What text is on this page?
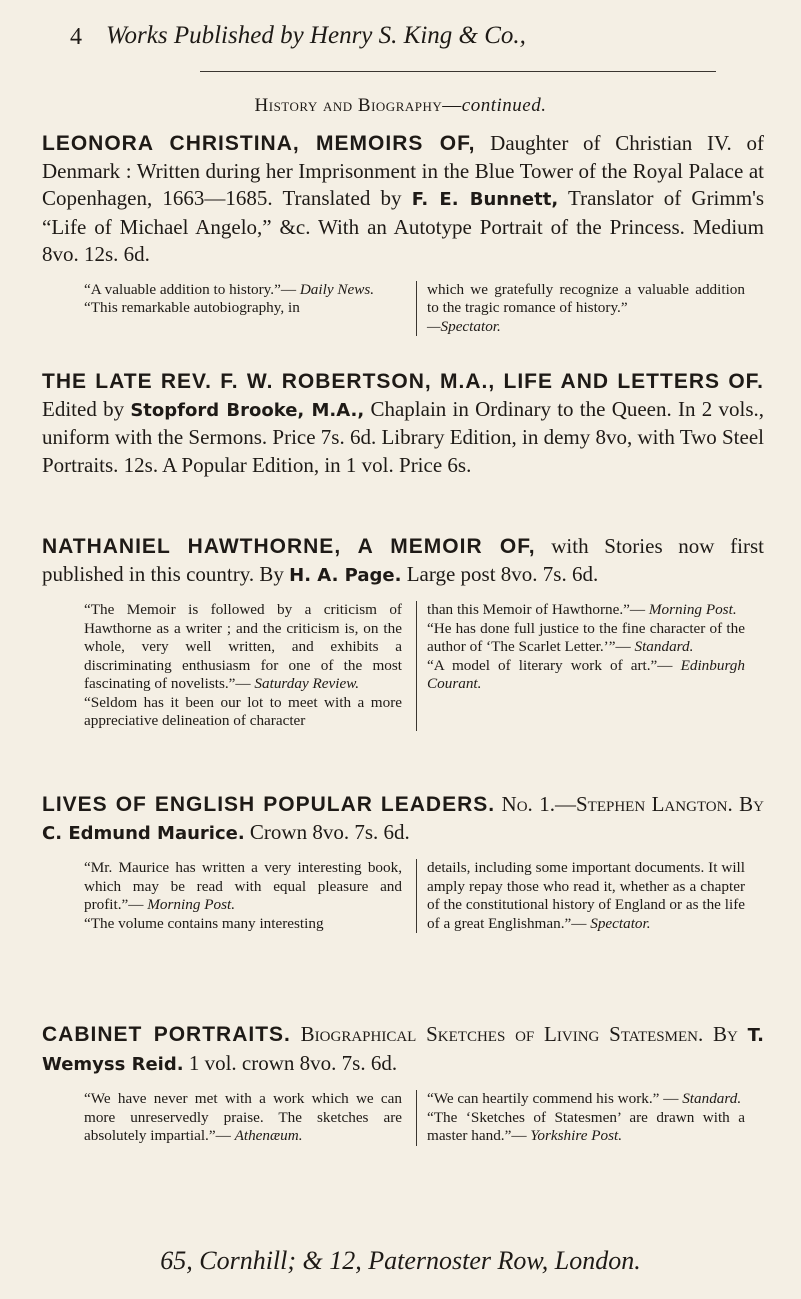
4 Works Published by Henry S. King & Co.,
History and Biography—continued.
LEONORA CHRISTINA, MEMOIRS OF, Daughter of Christian IV. of Denmark : Written during her Imprisonment in the Blue Tower of the Royal Palace at Copenhagen, 1663—1685. Translated by F. E. Bunnett, Translator of Grimm's “Life of Michael Angelo,” &c. With an Autotype Portrait of the Princess. Medium 8vo. 12s. 6d.
“A valuable addition to history.”— Daily News.
“This remarkable autobiography, in
which we gratefully recognize a valuable addition to the tragic romance of history.”
—Spectator.
THE LATE REV. F. W. ROBERTSON, M.A., LIFE AND LETTERS OF. Edited by Stopford Brooke, M.A., Chaplain in Ordinary to the Queen. In 2 vols., uniform with the Sermons. Price 7s. 6d. Library Edition, in demy 8vo, with Two Steel Portraits. 12s. A Popular Edition, in 1 vol. Price 6s.
NATHANIEL HAWTHORNE, A MEMOIR OF, with Stories now first published in this country. By H. A. Page. Large post 8vo. 7s. 6d.
“The Memoir is followed by a criticism of Hawthorne as a writer ; and the criticism is, on the whole, very well written, and exhibits a discriminating enthusiasm for one of the most fascinating of novelists.”— Saturday Review.
“Seldom has it been our lot to meet with a more appreciative delineation of character
than this Memoir of Hawthorne.”— Morning Post.
“He has done full justice to the fine character of the author of ‘The Scarlet Letter.’”— Standard.
“A model of literary work of art.”— Edinburgh Courant.
LIVES OF ENGLISH POPULAR LEADERS. No. 1.—Stephen Langton. By C. Edmund Maurice. Crown 8vo. 7s. 6d.
“Mr. Maurice has written a very interesting book, which may be read with equal pleasure and profit.”— Morning Post.
“The volume contains many interesting
details, including some important documents. It will amply repay those who read it, whether as a chapter of the constitutional history of England or as the life of a great Englishman.”— Spectator.
CABINET PORTRAITS. Biographical Sketches of Living Statesmen. By T. Wemyss Reid. 1 vol. crown 8vo. 7s. 6d.
“We have never met with a work which we can more unreservedly praise. The sketches are absolutely impartial.”— Athenæum.
“We can heartily commend his work.” — Standard.
“The ‘Sketches of Statesmen’ are drawn with a master hand.”— Yorkshire Post.
65, Cornhill; & 12, Paternoster Row, London.
